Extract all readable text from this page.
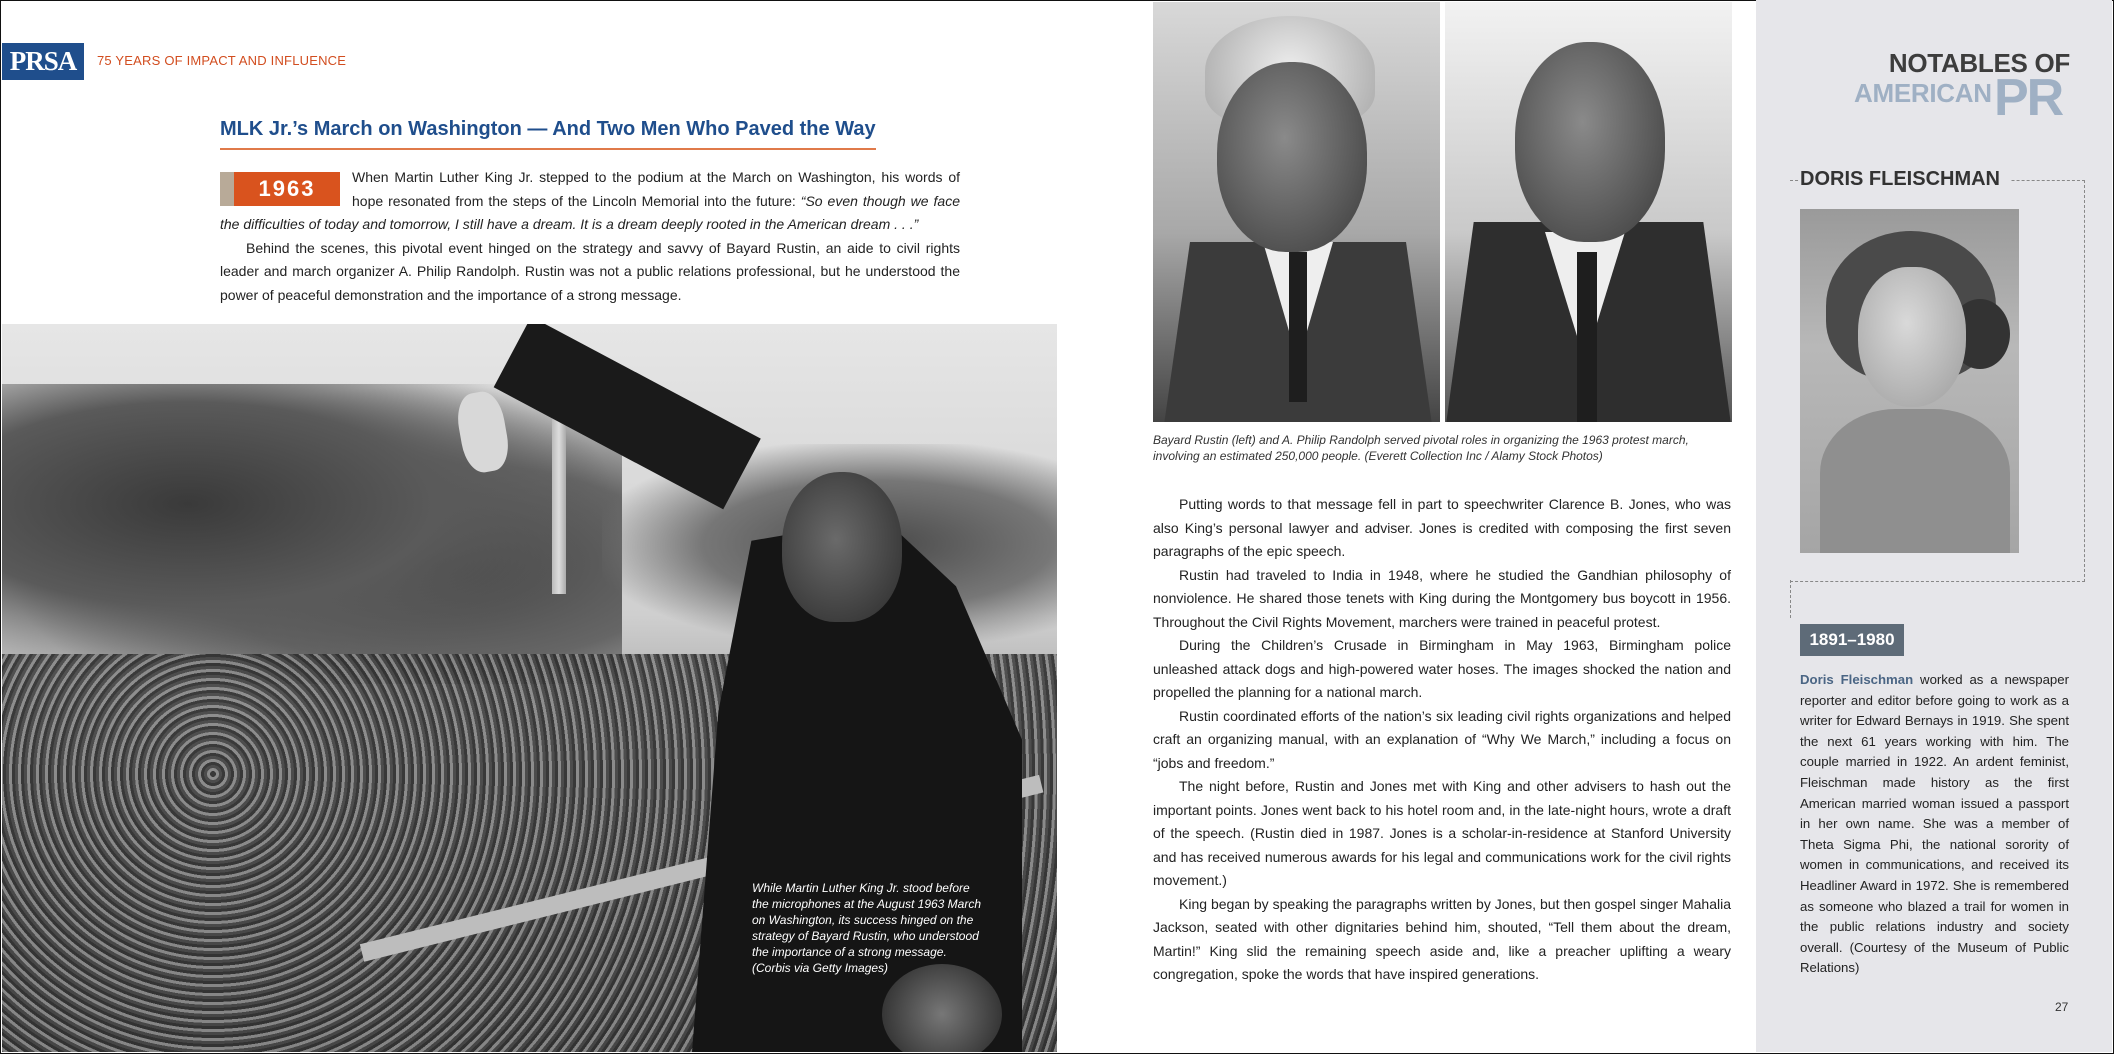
PRSA	75 YEARS OF IMPACT AND INFLUENCE
MLK Jr.’s March on Washington — And Two Men Who Paved the Way
1963	When Martin Luther King Jr. stepped to the podium at the March on Washington, his words of hope resonated from the steps of the Lincoln Memorial into the future: “So even though we face the difficulties of today and tomorrow, I still have a dream. It is a dream deeply rooted in the American dream . . .”

Behind the scenes, this pivotal event hinged on the strategy and savvy of Bayard Rustin, an aide to civil rights leader and march organizer A. Philip Randolph. Rustin was not a public relations professional, but he understood the power of peaceful demonstration and the importance of a strong message.

While Martin Luther King Jr. stood before the microphones at the August 1963 March on Washington, its success hinged on the strategy of Bayard Rustin, who understood the importance of a strong message. (Corbis via Getty Images)
Bayard Rustin (left) and A. Philip Randolph served pivotal roles in organizing the 1963 protest march, involving an estimated 250,000 people. (Everett Collection Inc / Alamy Stock Photos)

Putting words to that message fell in part to speechwriter Clarence B. Jones, who was also King’s personal lawyer and adviser. Jones is credited with composing the first seven paragraphs of the epic speech.

Rustin had traveled to India in 1948, where he studied the Gandhian philosophy of nonviolence. He shared those tenets with King during the Montgomery bus boycott in 1956. Throughout the Civil Rights Movement, marchers were trained in peaceful protest.

During the Children’s Crusade in Birmingham in May 1963, Birmingham police unleashed attack dogs and high-powered water hoses. The images shocked the nation and propelled the planning for a national march.

Rustin coordinated efforts of the nation’s six leading civil rights organizations and helped craft an organizing manual, with an explanation of “Why We March,” including a focus on “jobs and freedom.”

The night before, Rustin and Jones met with King and other advisers to hash out the important points. Jones went back to his hotel room and, in the late-night hours, wrote a draft of the speech. (Rustin died in 1987. Jones is a scholar-in-residence at Stanford University and has received numerous awards for his legal and communications work for the civil rights movement.)

King began by speaking the paragraphs written by Jones, but then gospel singer Mahalia Jackson, seated with other dignitaries behind him, shouted, “Tell them about the dream, Martin!” King slid the remaining speech aside and, like a preacher uplifting a weary congregation, spoke the words that have inspired generations.

NOTABLES OF
AMERICAN PR
DORIS FLEISCHMAN
1891–1980
Doris Fleischman worked as a newspaper reporter and editor before going to work as a writer for Edward Bernays in 1919. She spent the next 61 years working with him. The couple married in 1922. An ardent feminist, Fleischman made history as the first American married woman issued a passport in her own name. She was a member of Theta Sigma Phi, the national sorority of women in communications, and received its Headliner Award in 1972. She is remembered as someone who blazed a trail for women in the public relations industry and society overall. (Courtesy of the Museum of Public Relations)
27
